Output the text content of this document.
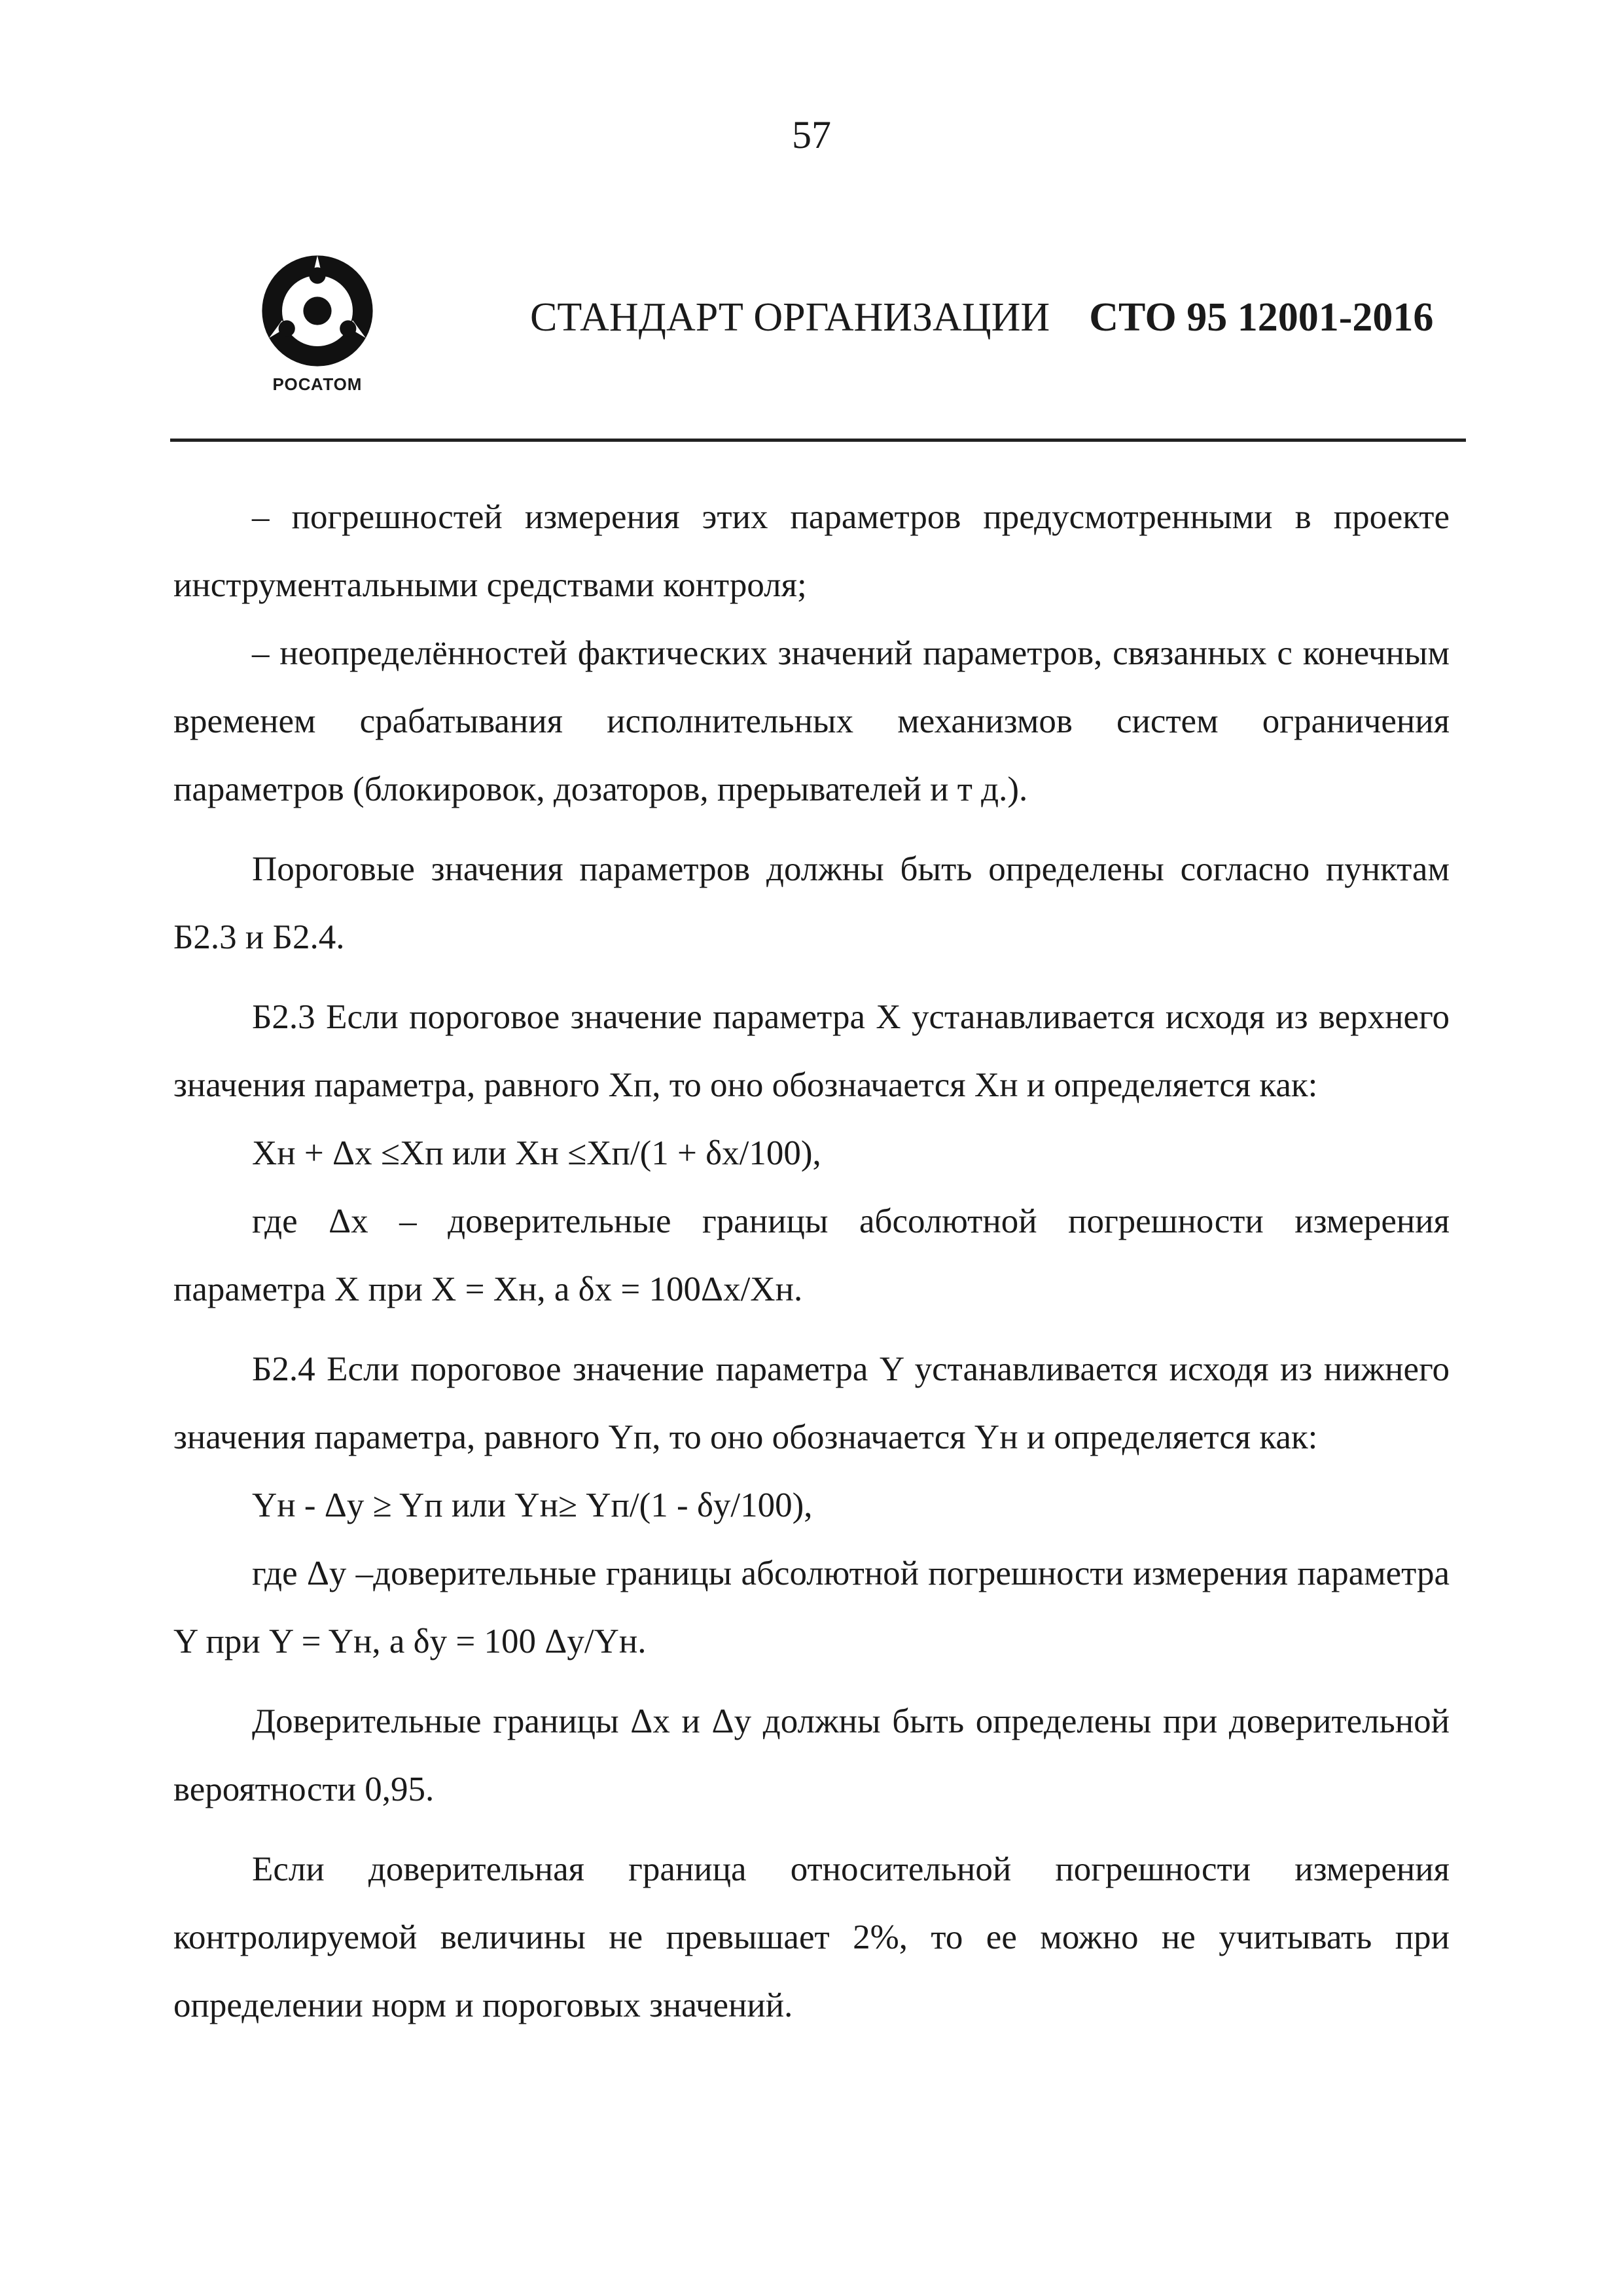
57
РОСАТОМ
СТАНДАРТ ОРГАНИЗАЦИИ СТО 95 12001-2016

– погрешностей измерения этих параметров предусмотренными в проекте инструментальными средствами контроля;

– неопределённостей фактических значений параметров, связанных с конечным временем срабатывания исполнительных механизмов систем ограничения параметров (блокировок, дозаторов, прерывателей и т д.).

Пороговые значения параметров должны быть определены согласно пунктам Б2.3 и Б2.4.

Б2.3 Если пороговое значение параметра X устанавливается исходя из верхнего значения параметра, равного Xп, то оно обозначается Xн и определяется как:

Xн + Δx ≤Xп или Xн ≤Xп/(1 + δx/100),

где Δx – доверительные границы абсолютной погрешности измерения параметра X при X = Xн, а δx = 100Δx/Xн.

Б2.4 Если пороговое значение параметра Y устанавливается исходя из нижнего значения параметра, равного Yп, то оно обозначается Yн и определяется как:

Yн - Δy ≥ Yп или Yн≥ Yп/(1 - δy/100),

где Δy –доверительные границы абсолютной погрешности измерения параметра Y при Y = Yн, а δy = 100 Δy/Yн.

Доверительные границы Δx и Δy должны быть определены при доверительной вероятности 0,95.

Если доверительная граница относительной погрешности измерения контролируемой величины не превышает 2%, то ее можно не учитывать при определении норм и пороговых значений.
